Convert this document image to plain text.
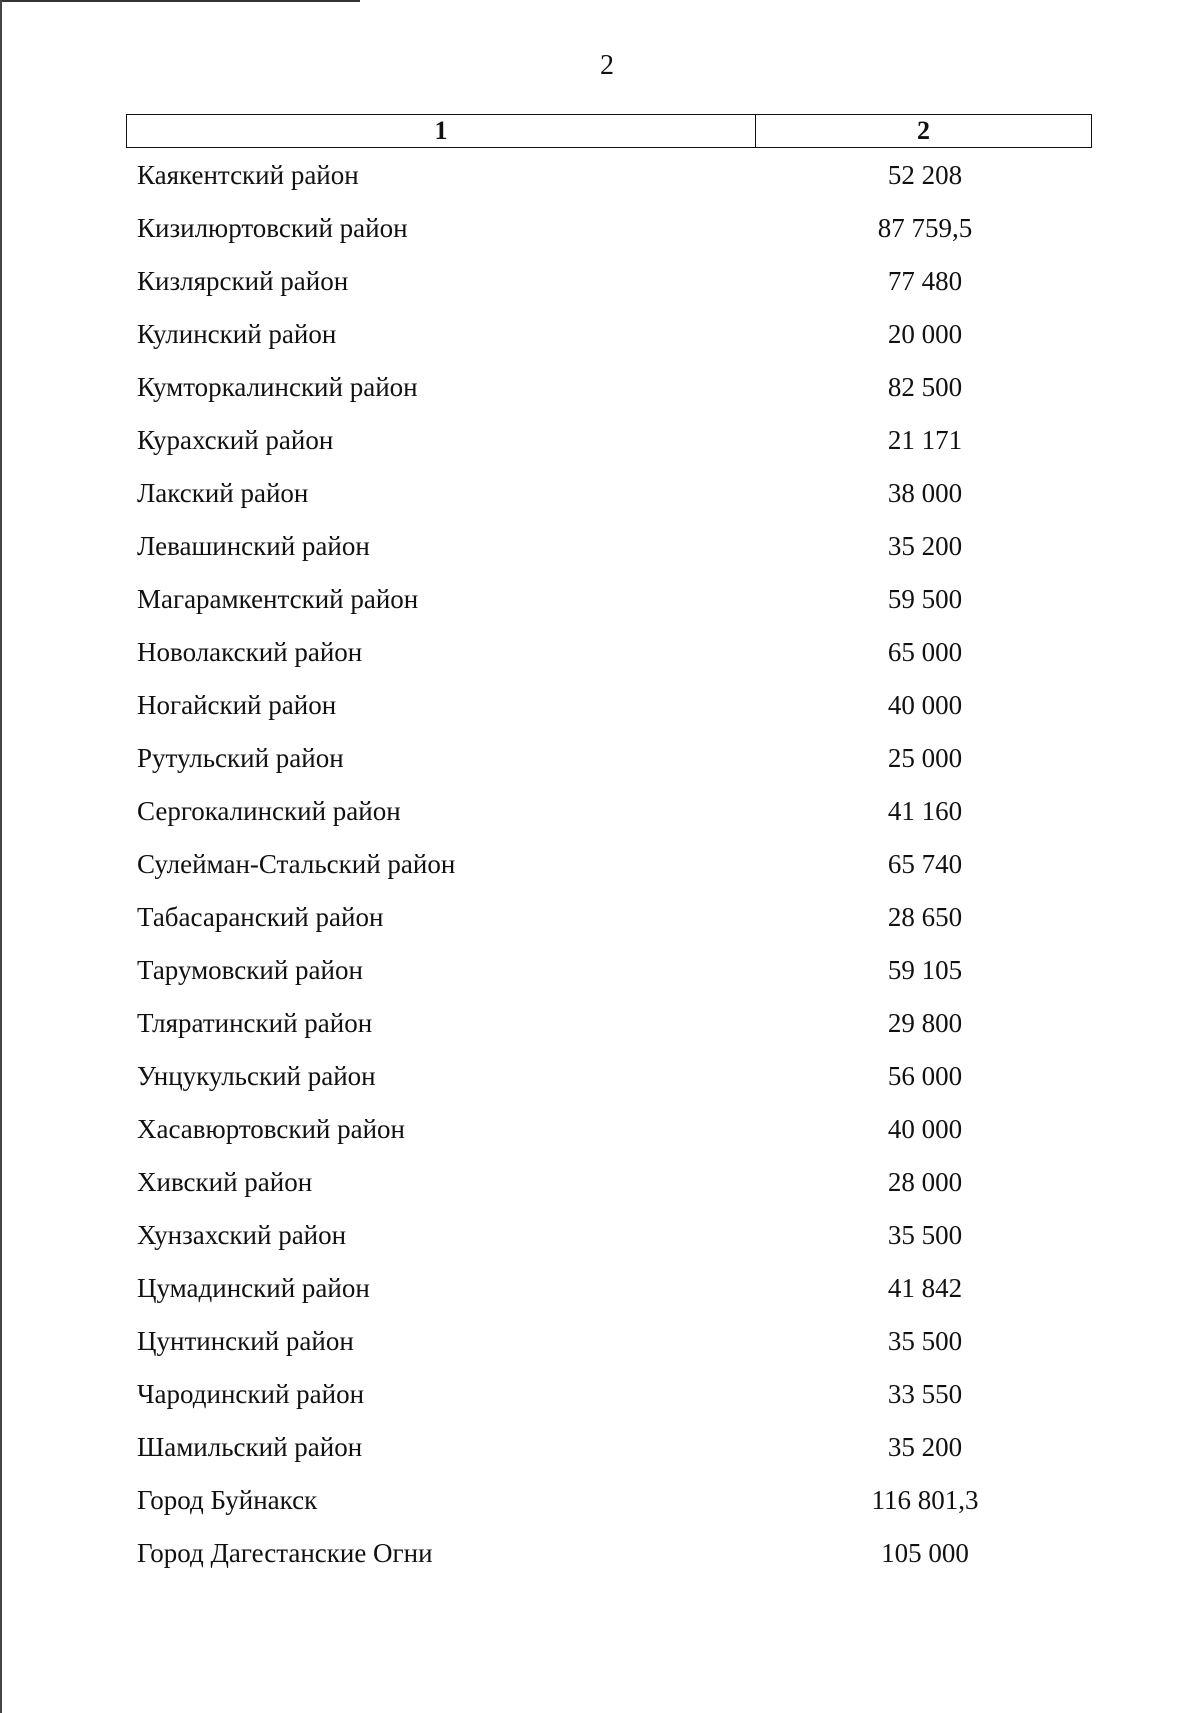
2
1	2
Каякентский район	52 208
Кизилюртовский район	87 759,5
Кизлярский район	77 480
Кулинский район	20 000
Кумторкалинский район	82 500
Курахский район	21 171
Лакский район	38 000
Левашинский район	35 200
Магарамкентский район	59 500
Новолакский район	65 000
Ногайский район	40 000
Рутульский район	25 000
Сергокалинский район	41 160
Сулейман-Стальский район	65 740
Табасаранский район	28 650
Тарумовский район	59 105
Тляратинский район	29 800
Унцукульский район	56 000
Хасавюртовский район	40 000
Хивский район	28 000
Хунзахский район	35 500
Цумадинский район	41 842
Цунтинский район	35 500
Чародинский район	33 550
Шамильский район	35 200
Город Буйнакск	116 801,3
Город Дагестанские Огни	105 000
